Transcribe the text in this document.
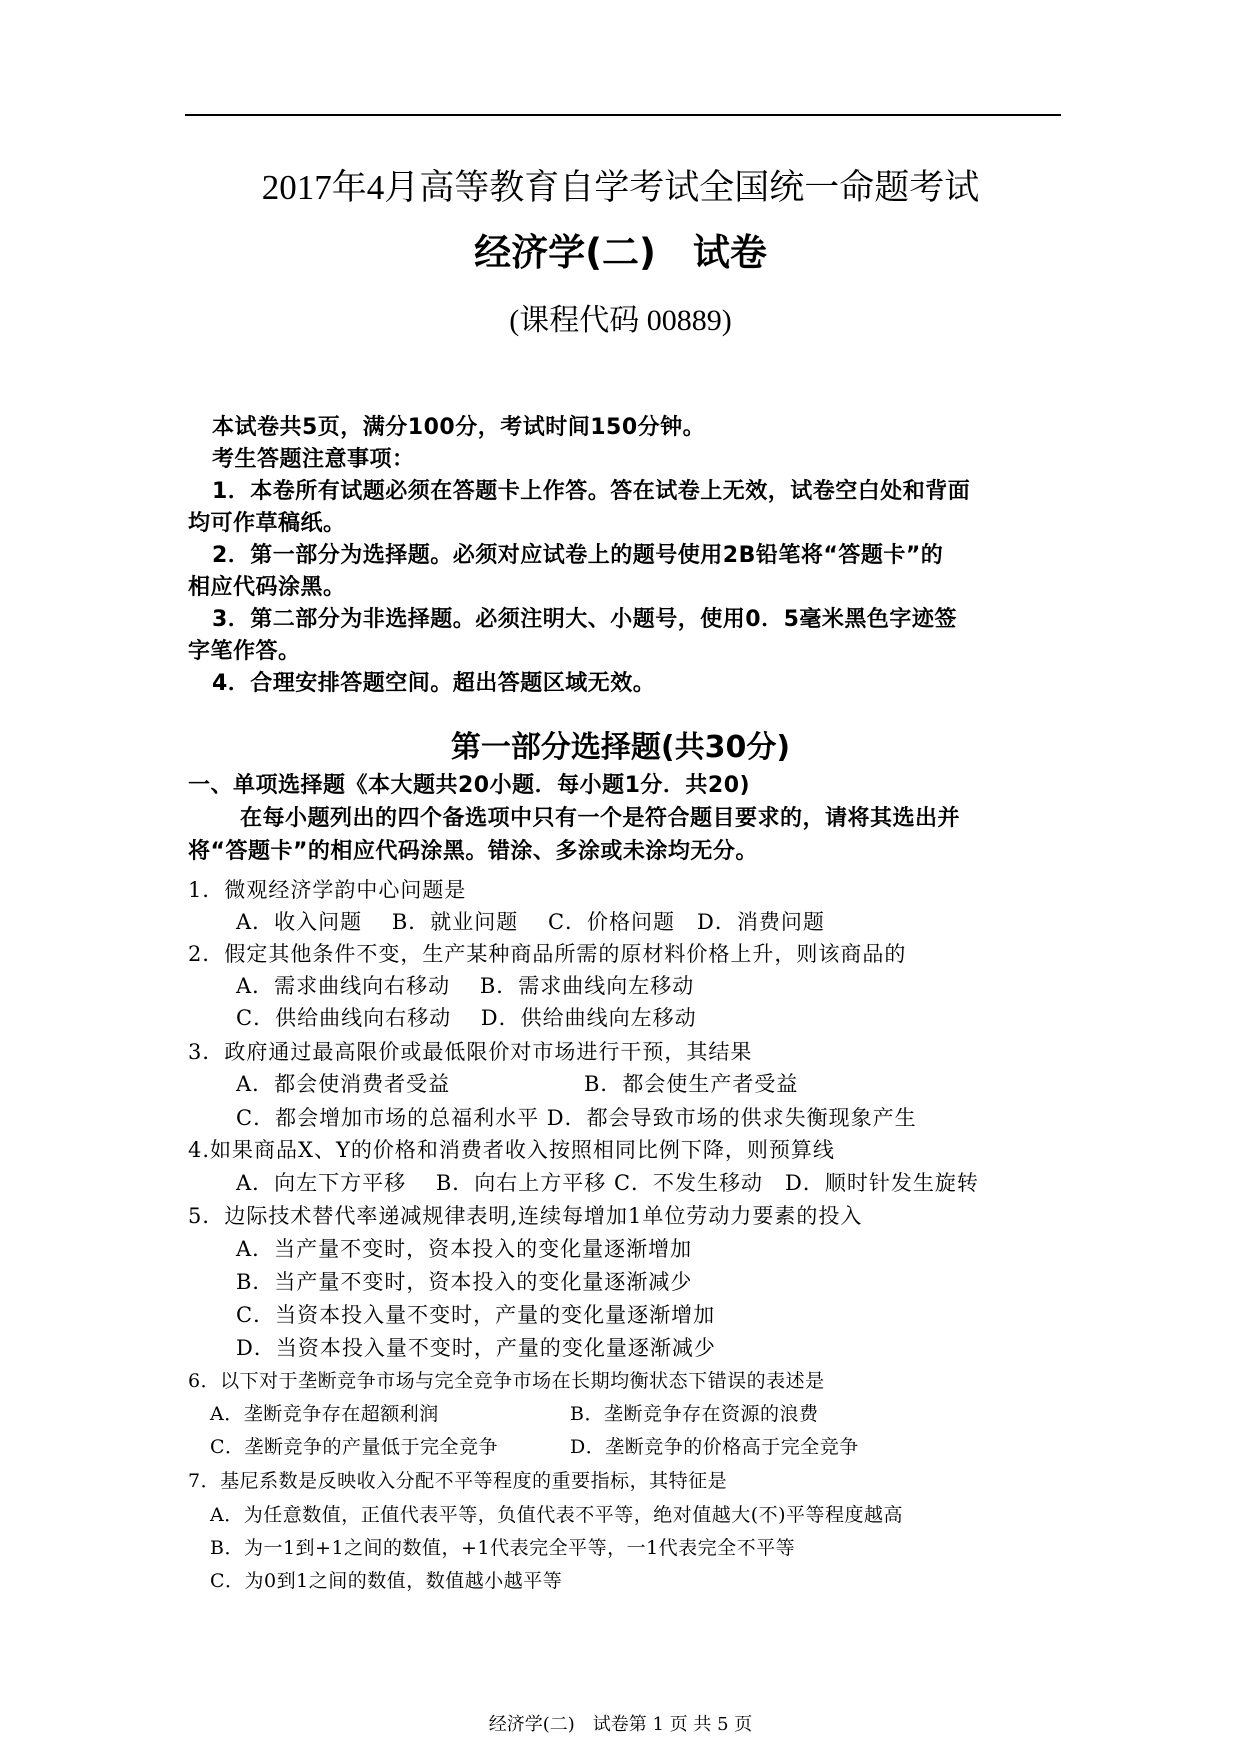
2017年4月高等教育自学考试全国统一命题考试
经济学(二)　试卷
(课程代码 00889)
本试卷共5页，满分100分，考试时间150分钟。
考生答题注意事项：
1．本卷所有试题必须在答题卡上作答。答在试卷上无效，试卷空白处和背面
均可作草稿纸。
2．第一部分为选择题。必须对应试卷上的题号使用2B铅笔将“答题卡”的
相应代码涂黑。
3．第二部分为非选择题。必须注明大、小题号，使用0．5毫米黑色字迹签
字笔作答。
4．合理安排答题空间。超出答题区域无效。
第一部分选择题(共30分)
一、单项选择题《本大题共20小题．每小题1分．共20)
在每小题列出的四个备选项中只有一个是符合题目要求的，请将其选出并
将“答题卡”的相应代码涂黑。错涂、多涂或未涂均无分。
1．微观经济学韵中心问题是
A．收入问题　 B．就业问题　 C．价格问题　D．消费问题
2．假定其他条件不变，生产某种商品所需的原材料价格上升，则该商品的
A．需求曲线向右移动　 B．需求曲线向左移动
C．供给曲线向右移动　 D．供给曲线向左移动
3．政府通过最高限价或最低限价对市场进行干预，其结果
A．都会使消费者受益	B．都会使生产者受益
C．都会增加市场的总福利水平 D．都会导致市场的供求失衡现象产生
4.如果商品X、Y的价格和消费者收入按照相同比例下降，则预算线
A．向左下方平移　 B．向右上方平移 C．不发生移动　D．顺时针发生旋转
5．边际技术替代率递减规律表明,连续每增加1单位劳动力要素的投入
A．当产量不变时，资本投入的变化量逐渐增加
B．当产量不变时，资本投入的变化量逐渐减少
C．当资本投入量不变时，产量的变化量逐渐增加
D．当资本投入量不变时，产量的变化量逐渐减少
6．以下对于垄断竞争市场与完全竞争市场在长期均衡状态下错误的表述是
A．垄断竞争存在超额利润	B．垄断竞争存在资源的浪费
C．垄断竞争的产量低于完全竞争	D．垄断竞争的价格高于完全竞争
7．基尼系数是反映收入分配不平等程度的重要指标，其特征是
A．为任意数值，正值代表平等，负值代表不平等，绝对值越大(不)平等程度越高
B．为一1到+1之间的数值，+1代表完全平等，一1代表完全不平等
C．为0到1之间的数值，数值越小越平等
经济学(二)　试卷第 1 页 共 5 页
